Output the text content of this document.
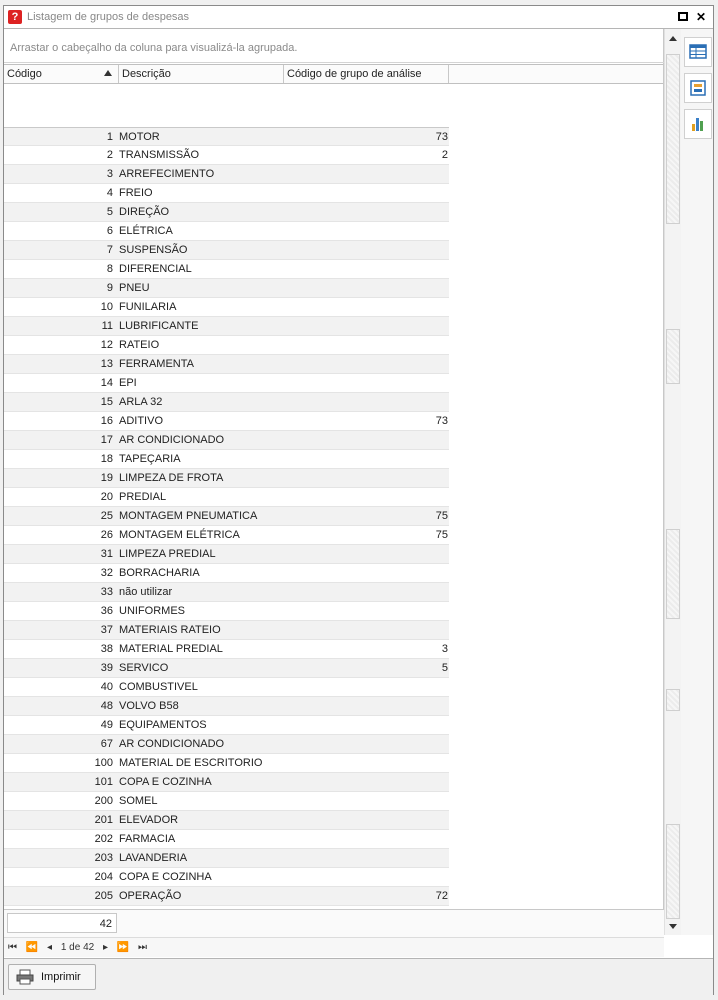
? Listagem de grupos de despesas	✕
Arrastar o cabeçalho da coluna para visualizá-la agrupada.
Código	Descrição	Código de grupo de análise
1 MOTOR	73
2 TRANSMISSÃO	2
3 ARREFECIMENTO
4 FREIO
5 DIREÇÃO
6 ELÉTRICA
7 SUSPENSÃO
8 DIFERENCIAL
9 PNEU
10 FUNILARIA
11 LUBRIFICANTE
12 RATEIO
13 FERRAMENTA
14 EPI
15 ARLA 32
16 ADITIVO	73
17 AR CONDICIONADO
18 TAPEÇARIA
19 LIMPEZA DE FROTA
20 PREDIAL
25 MONTAGEM PNEUMATICA	75
26 MONTAGEM ELÉTRICA	75
31 LIMPEZA PREDIAL
32 BORRACHARIA
33 não utilizar
36 UNIFORMES
37 MATERIAIS RATEIO
38 MATERIAL PREDIAL	3
39 SERVICO	5
40 COMBUSTIVEL
48 VOLVO B58
49 EQUIPAMENTOS
67 AR CONDICIONADO
100 MATERIAL DE ESCRITORIO
101 COPA E COZINHA
200 SOMEL
201 ELEVADOR
202 FARMACIA
203 LAVANDERIA
204 COPA E COZINHA
205 OPERAÇÃO	72
42
⏮ ⏪ ◂ 1 de 42 ▸ ⏩ ⏭
Imprimir
